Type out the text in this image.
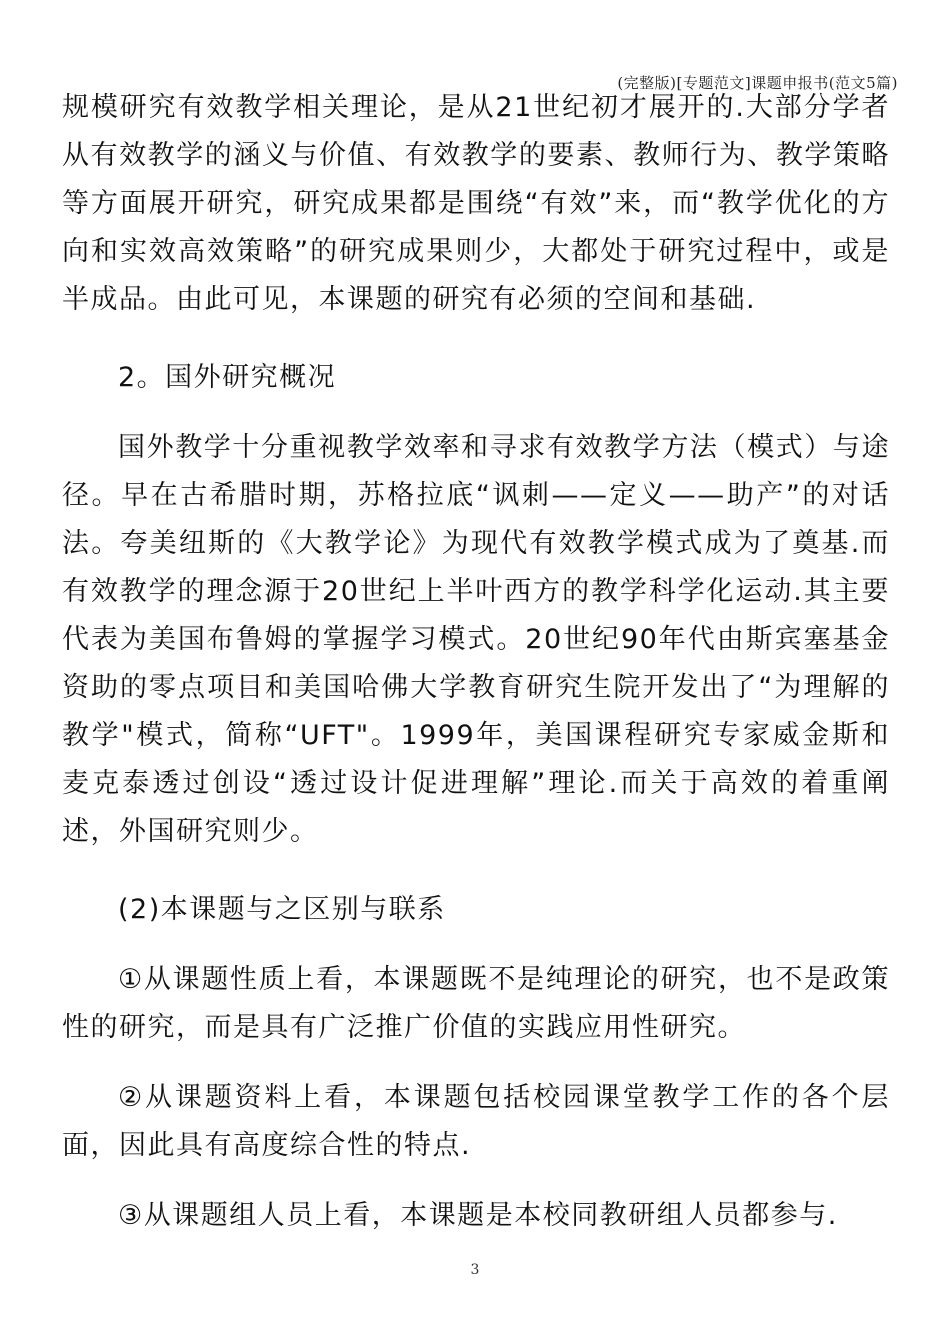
(完整版)[专题范文]课题申报书(范文5篇)

规模研究有效教学相关理论，是从21世纪初才展开的.大部分学者从有效教学的涵义与价值、有效教学的要素、教师行为、教学策略等方面展开研究，研究成果都是围绕“有效”来，而“教学优化的方向和实效高效策略”的研究成果则少，大都处于研究过程中，或是半成品。由此可见，本课题的研究有必须的空间和基础.

2。国外研究概况

国外教学十分重视教学效率和寻求有效教学方法（模式）与途径。早在古希腊时期，苏格拉底“讽刺——定义——助产”的对话法。夸美纽斯的《大教学论》为现代有效教学模式成为了奠基.而有效教学的理念源于20世纪上半叶西方的教学科学化运动.其主要代表为美国布鲁姆的掌握学习模式。20世纪90年代由斯宾塞基金资助的零点项目和美国哈佛大学教育研究生院开发出了“为理解的教学"模式，简称“UFT"。1999年，美国课程研究专家威金斯和麦克泰透过创设“透过设计促进理解”理论.而关于高效的着重阐述，外国研究则少。

(2)本课题与之区别与联系

①从课题性质上看，本课题既不是纯理论的研究，也不是政策性的研究，而是具有广泛推广价值的实践应用性研究。

②从课题资料上看，本课题包括校园课堂教学工作的各个层面，因此具有高度综合性的特点.

③从课题组人员上看，本课题是本校同教研组人员都参与.

3
